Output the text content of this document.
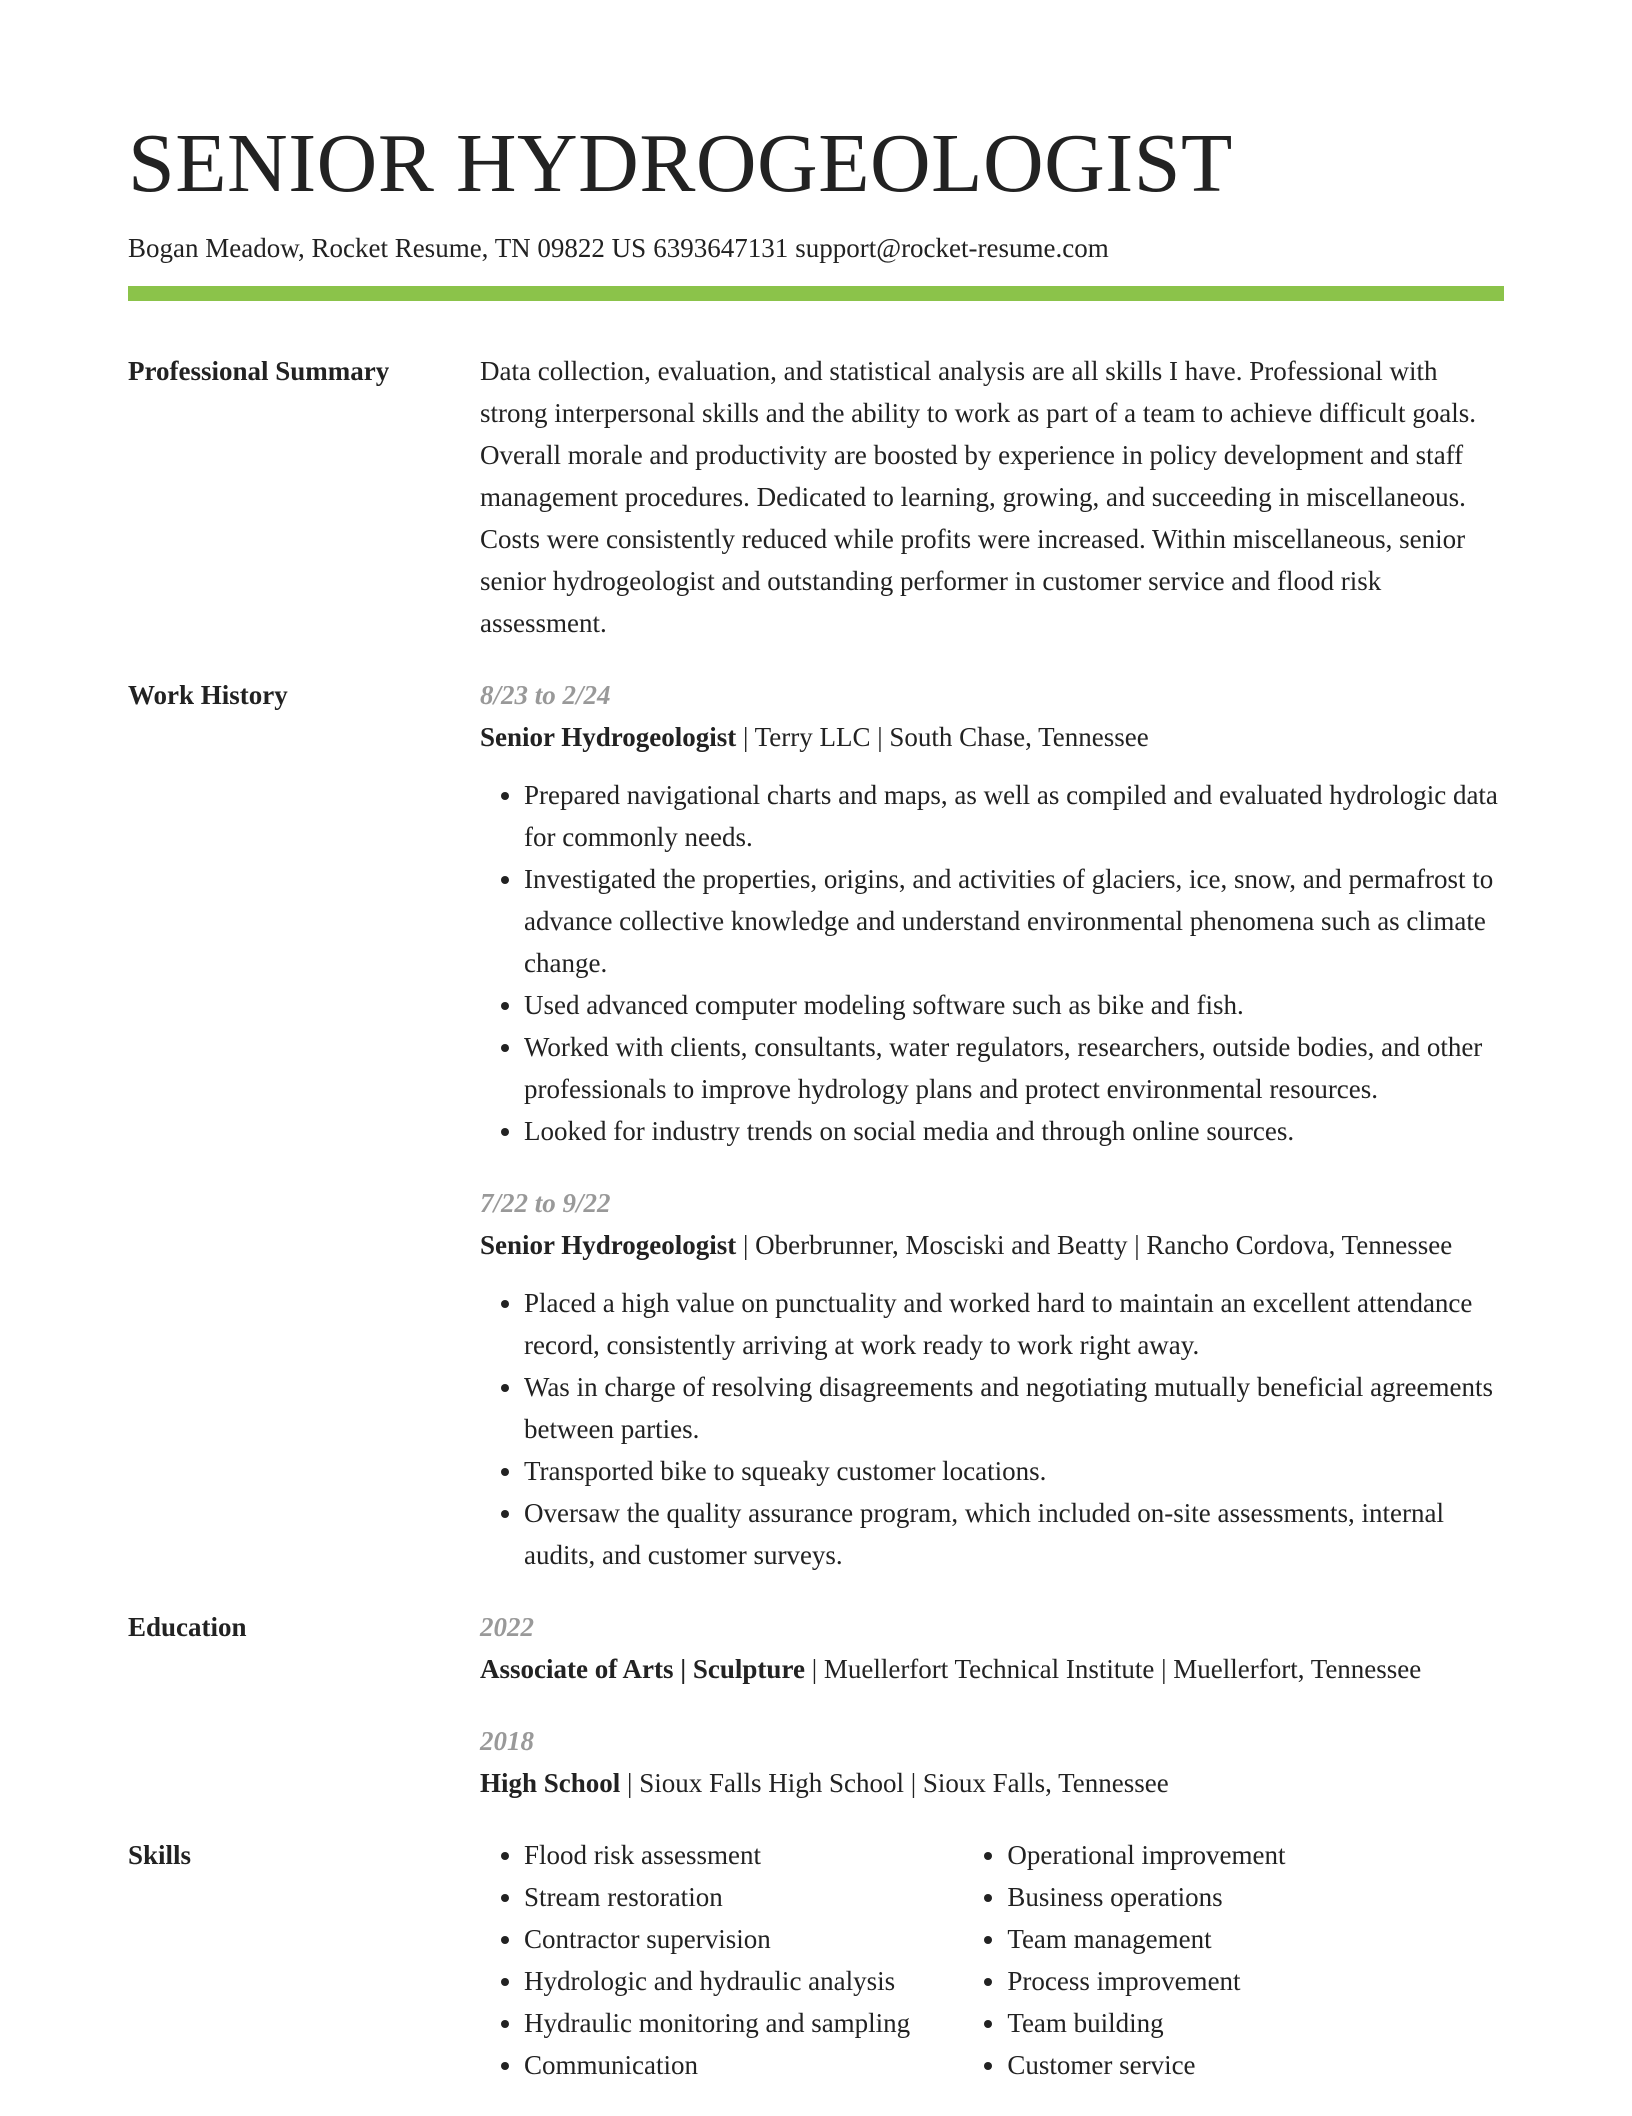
SENIOR HYDROGEOLOGIST
Bogan Meadow, Rocket Resume, TN 09822 US 6393647131 support@rocket-resume.com
Professional Summary	Data collection, evaluation, and statistical analysis are all skills I have. Professional with strong interpersonal skills and the ability to work as part of a team to achieve difficult goals. Overall morale and productivity are boosted by experience in policy development and staff management procedures. Dedicated to learning, growing, and succeeding in miscellaneous. Costs were consistently reduced while profits were increased. Within miscellaneous, senior senior hydrogeologist and outstanding performer in customer service and flood risk assessment.

Work History	8/23 to 2/24
Senior Hydrogeologist | Terry LLC | South Chase, Tennessee
• Prepared navigational charts and maps, as well as compiled and evaluated hydrologic data for commonly needs.
• Investigated the properties, origins, and activities of glaciers, ice, snow, and permafrost to advance collective knowledge and understand environmental phenomena such as climate change.
• Used advanced computer modeling software such as bike and fish.
• Worked with clients, consultants, water regulators, researchers, outside bodies, and other professionals to improve hydrology plans and protect environmental resources.
• Looked for industry trends on social media and through online sources.
7/22 to 9/22
Senior Hydrogeologist | Oberbrunner, Mosciski and Beatty | Rancho Cordova, Tennessee
• Placed a high value on punctuality and worked hard to maintain an excellent attendance record, consistently arriving at work ready to work right away.
• Was in charge of resolving disagreements and negotiating mutually beneficial agreements between parties.
• Transported bike to squeaky customer locations.
• Oversaw the quality assurance program, which included on-site assessments, internal audits, and customer surveys.
Education	2022
Associate of Arts | Sculpture | Muellerfort Technical Institute | Muellerfort, Tennessee
2018
High School | Sioux Falls High School | Sioux Falls, Tennessee
Skills
•	Flood risk assessment
• Stream restoration
• Contractor supervision
• Hydrologic and hydraulic analysis
• Hydraulic monitoring and sampling
• Communication
• Operational improvement
• Business operations
• Team management
• Process improvement
• Team building
• Customer service
